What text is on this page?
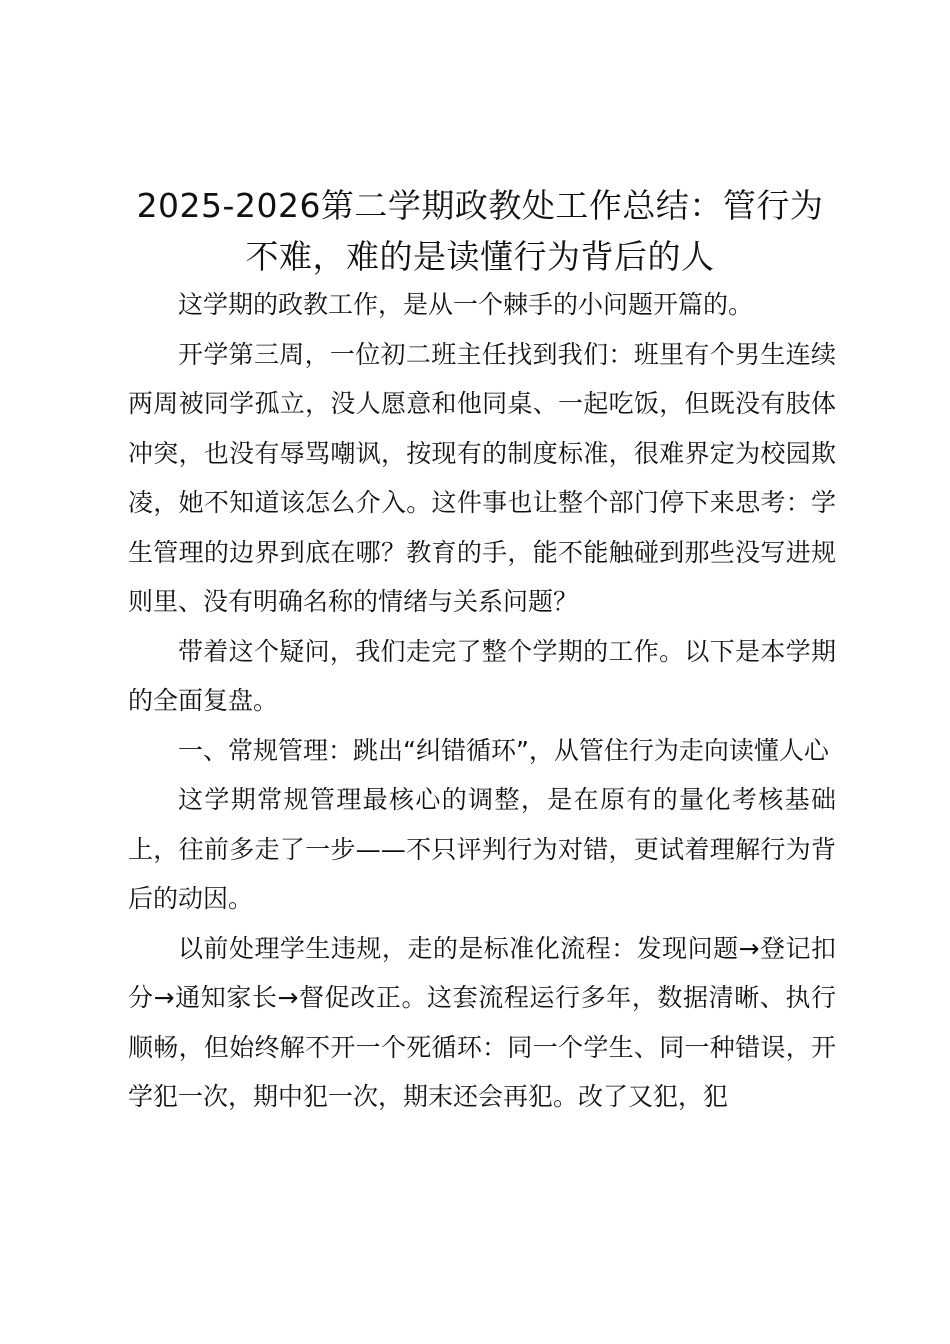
2025-2026第二学期政教处工作总结：管行为不难，难的是读懂行为背后的人

这学期的政教工作，是从一个棘手的小问题开篇的。

开学第三周，一位初二班主任找到我们：班里有个男生连续两周被同学孤立，没人愿意和他同桌、一起吃饭，但既没有肢体冲突，也没有辱骂嘲讽，按现有的制度标准，很难界定为校园欺凌，她不知道该怎么介入。这件事也让整个部门停下来思考：学生管理的边界到底在哪？教育的手，能不能触碰到那些没写进规则里、没有明确名称的情绪与关系问题？

带着这个疑问，我们走完了整个学期的工作。以下是本学期的全面复盘。

一、常规管理：跳出“纠错循环”，从管住行为走向读懂人心

这学期常规管理最核心的调整，是在原有的量化考核基础上，往前多走了一步——不只评判行为对错，更试着理解行为背后的动因。

以前处理学生违规，走的是标准化流程：发现问题→登记扣分→通知家长→督促改正。这套流程运行多年，数据清晰、执行顺畅，但始终解不开一个死循环：同一个学生、同一种错误，开学犯一次，期中犯一次，期末还会再犯。改了又犯，犯
